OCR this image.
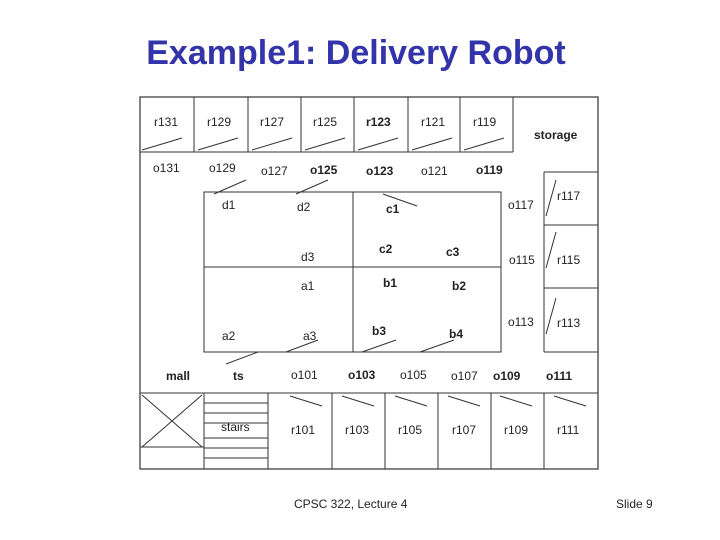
Example1: Delivery Robot
r131 r129 r127 r125 r123	r121 r119
storage
o131 o129 o127 o125 o123 o121 o119
o117
o115
o113
r117
r115
r113
d1	d2	c1
d3
c2	c3
a1	b1	b2
a2	a3	b3	b4
mall	ts	o101	o103 o105 o107 o109 o111
stairs	r101 r103 r105 r107 r109 r111
CPSC 322, Lecture 4	Slide 9
